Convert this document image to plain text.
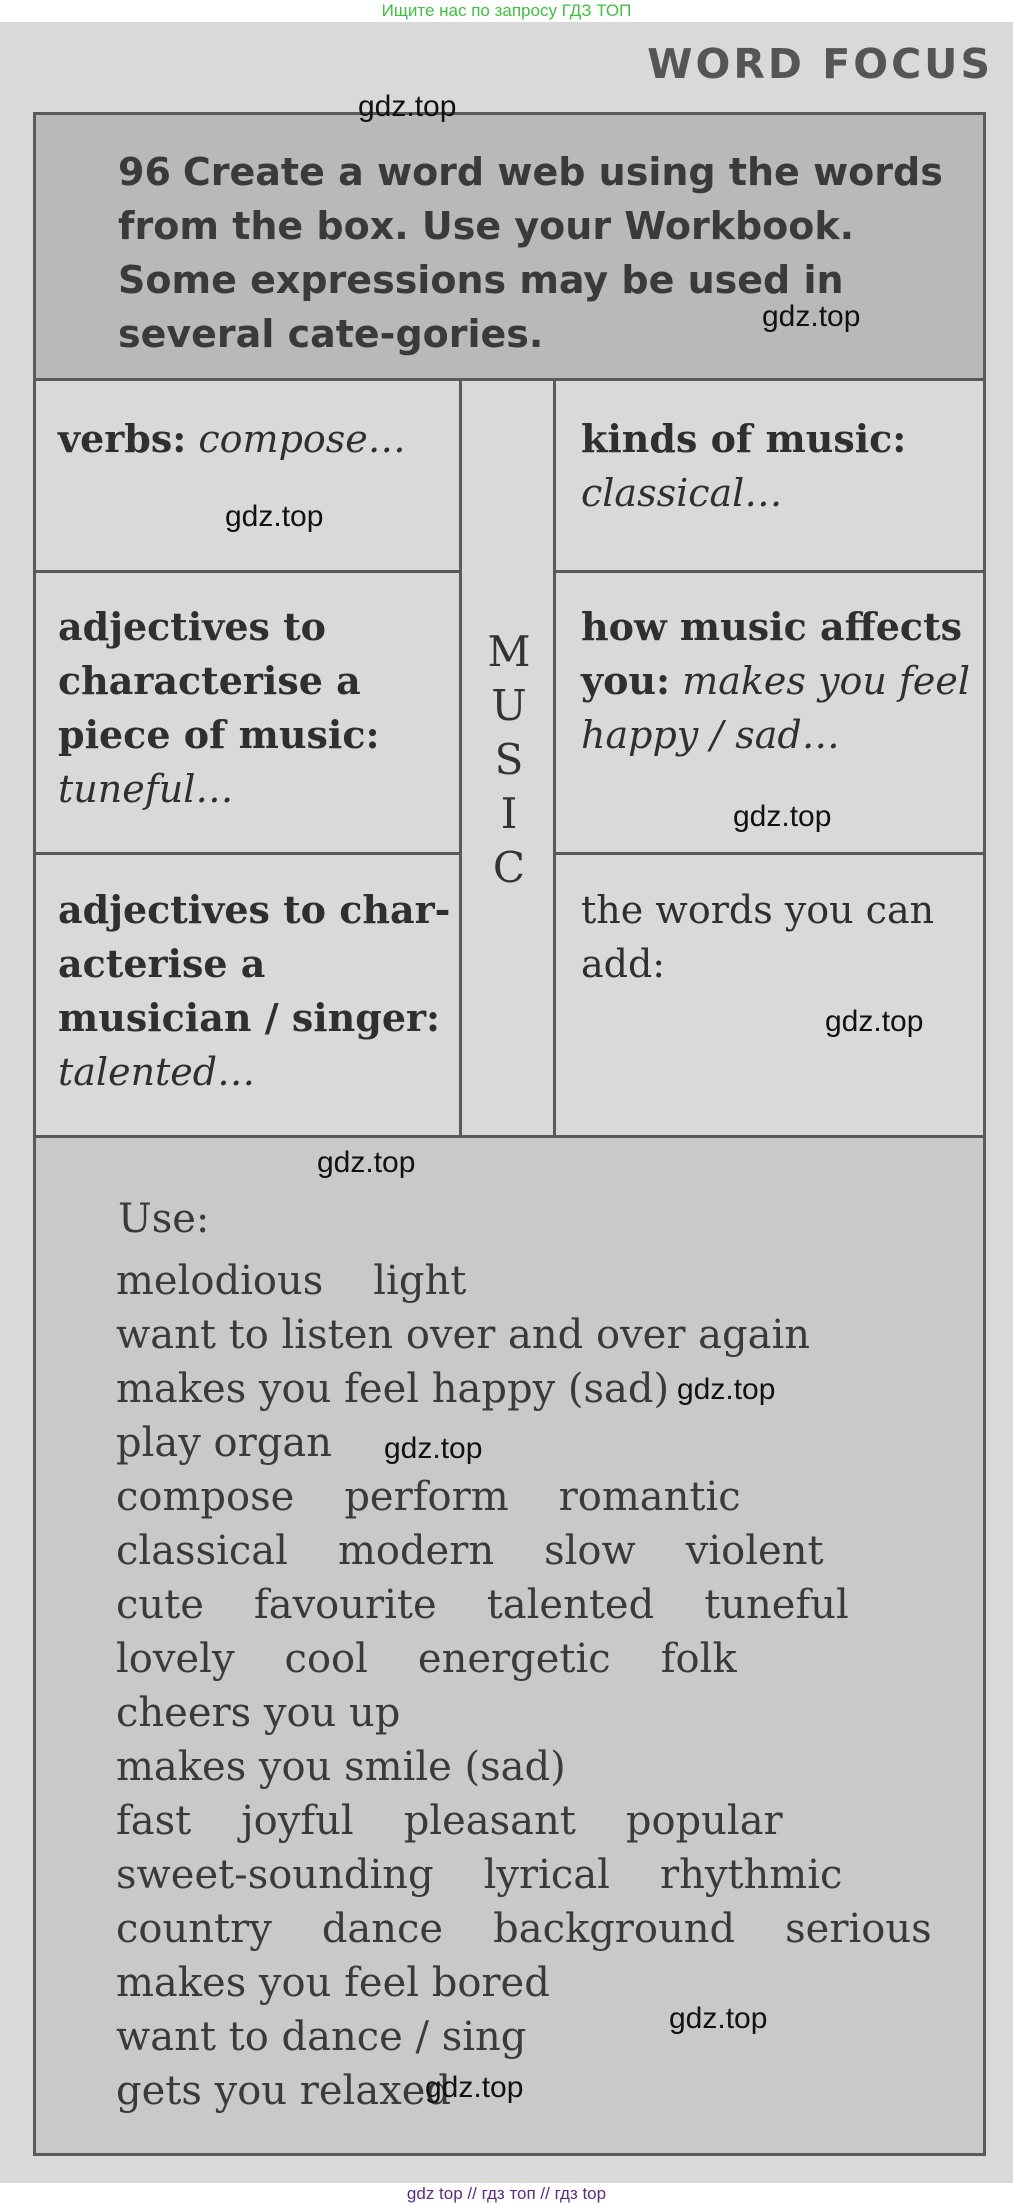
Ищите нас по запросу ГДЗ ТОП
WORD FOCUS
96 Create a word web using the words from the box. Use your Workbook. Some expressions may be used in several cate-gories.
verbs: compose…	kinds of music:
classical…
adjectives to characterise a piece of music:
tuneful…
how music affects you: makes you feel happy / sad…
adjectives to char-acterise a musician / singer: talented…
the words you can add:
M
U
S
I
C
Use:
melodious light
want to listen over and over again
makes you feel happy (sad)
play organ
compose perform romantic
classical modern slow violent
cute favourite talented tuneful
lovely cool energetic folk
cheers you up
makes you smile (sad)
fast joyful pleasant popular
sweet-sounding lyrical rhythmic
country dance background serious
makes you feel bored
want to dance / sing
gets you relaxed
gdz.top
gdz.top
gdz.top
gdz.top
gdz.top
gdz.top
gdz.top
gdz.top
gdz.top
gdz.top
gdz top // гдз топ // гдз top
